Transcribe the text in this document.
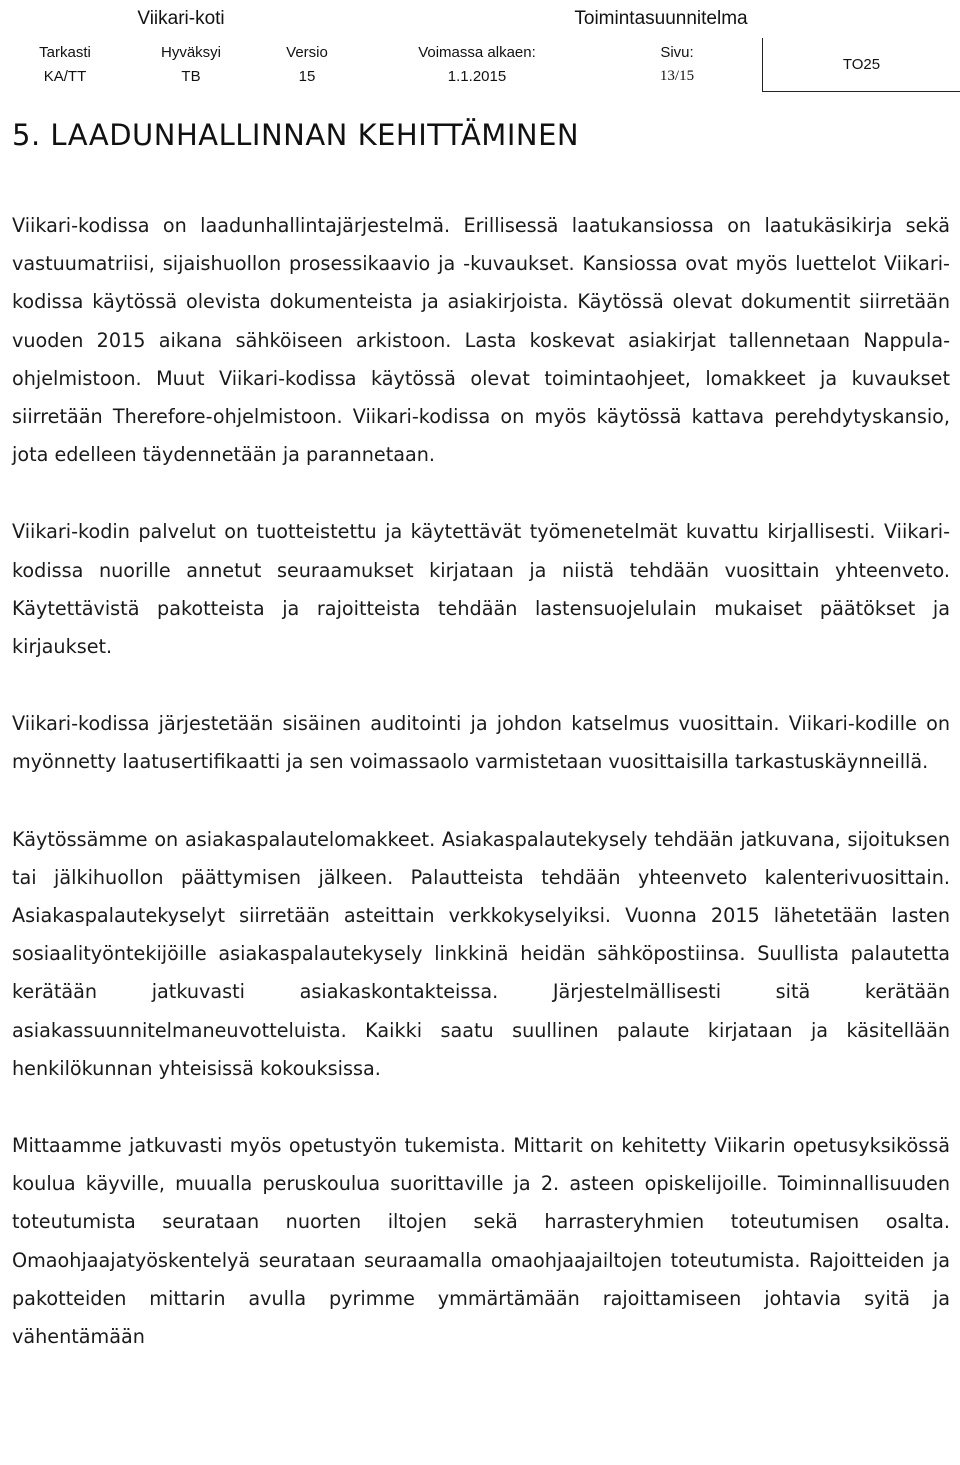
Viikari-koti			Toimintasuunnitelma		
Tarkasti	Hyväksyi	Versio	Voimassa alkaen:	Sivu:	TO25
KA/TT	TB	15	1.1.2015	13/15	
5. LAADUNHALLINNAN KEHITTÄMINEN

Viikari-kodissa on laadunhallintajärjestelmä. Erillisessä laatukansiossa on laatukäsikirja sekä vastuumatriisi, sijaishuollon prosessikaavio ja -kuvaukset. Kansiossa ovat myös luettelot Viikari-kodissa käytössä olevista dokumenteista ja asiakirjoista. Käytössä olevat dokumentit siirretään vuoden 2015 aikana sähköiseen arkistoon. Lasta koskevat asiakirjat tallennetaan Nappula-ohjelmistoon. Muut Viikari-kodissa käytössä olevat toimintaohjeet, lomakkeet ja kuvaukset siirretään Therefore-ohjelmistoon. Viikari-kodissa on myös käytössä kattava perehdytyskansio, jota edelleen täydennetään ja parannetaan.

Viikari-kodin palvelut on tuotteistettu ja käytettävät työmenetelmät kuvattu kirjallisesti. Viikari-kodissa nuorille annetut seuraamukset kirjataan ja niistä tehdään vuosittain yhteenveto. Käytettävistä pakotteista ja rajoitteista tehdään lastensuojelulain mukaiset päätökset ja kirjaukset.

Viikari-kodissa järjestetään sisäinen auditointi ja johdon katselmus vuosittain. Viikari-kodille on myönnetty laatusertifikaatti ja sen voimassaolo varmistetaan vuosittaisilla tarkastuskäynneillä.

Käytössämme on asiakaspalautelomakkeet. Asiakaspalautekysely tehdään jatkuvana, sijoituksen tai jälkihuollon päättymisen jälkeen. Palautteista tehdään yhteenveto kalenterivuosittain. Asiakaspalautekyselyt siirretään asteittain verkkokyselyiksi. Vuonna 2015 lähetetään lasten sosiaalityöntekijöille asiakaspalautekysely linkkinä heidän sähköpostiinsa. Suullista palautetta kerätään jatkuvasti asiakaskontakteissa. Järjestelmällisesti sitä kerätään asiakassuunnitelmaneuvotteluista. Kaikki saatu suullinen palaute kirjataan ja käsitellään henkilökunnan yhteisissä kokouksissa.

Mittaamme jatkuvasti myös opetustyön tukemista. Mittarit on kehitetty Viikarin opetusyksikössä koulua käyville, muualla peruskoulua suorittaville ja 2. asteen opiskelijoille. Toiminnallisuuden toteutumista seurataan nuorten iltojen sekä harrasteryhmien toteutumisen osalta. Omaohjaajatyöskentelyä seurataan seuraamalla omaohjaajailtojen toteutumista. Rajoitteiden ja pakotteiden mittarin avulla pyrimme ymmärtämään rajoittamiseen johtavia syitä ja vähentämään
